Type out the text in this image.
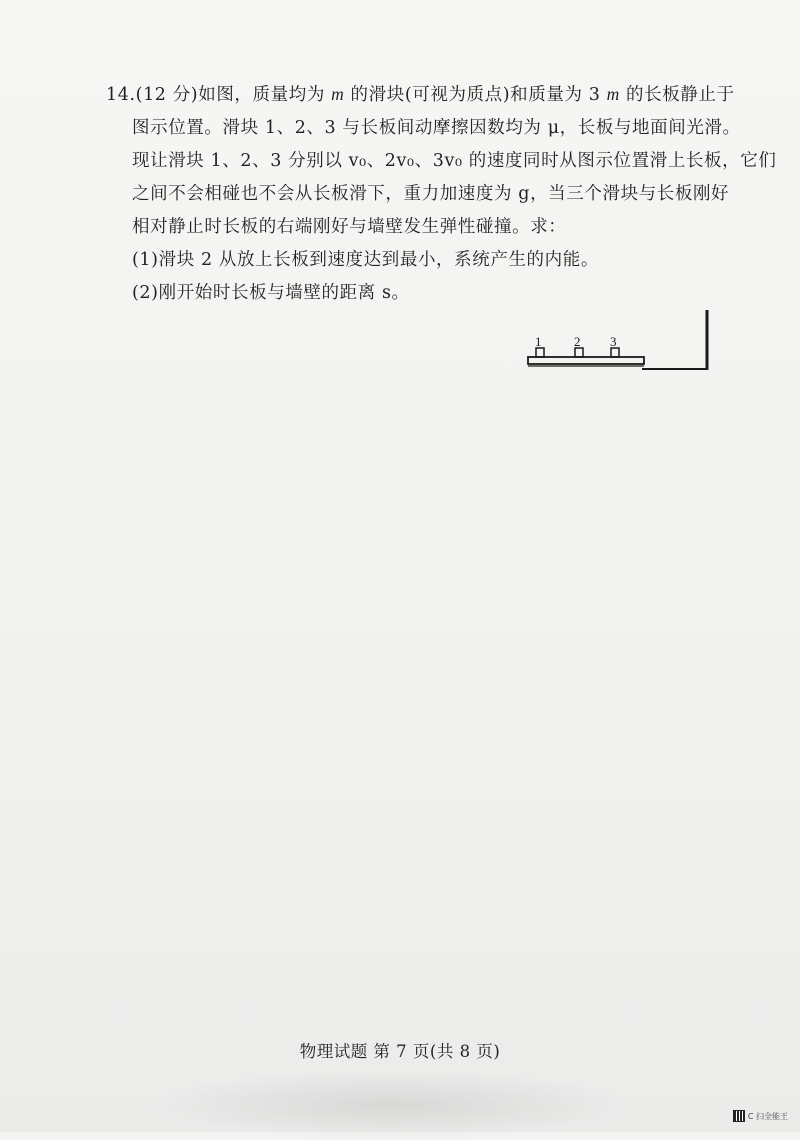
14.(12 分)如图，质量均为 m 的滑块(可视为质点)和质量为 3 m 的长板静止于
图示位置。滑块 1、2、3 与长板间动摩擦因数均为 μ，长板与地面间光滑。
现让滑块 1、2、3 分别以 v₀、2v₀、3v₀ 的速度同时从图示位置滑上长板，它们
之间不会相碰也不会从长板滑下，重力加速度为 g，当三个滑块与长板刚好
相对静止时长板的右端刚好与墙壁发生弹性碰撞。求：
(1)滑块 2 从放上长板到速度达到最小，系统产生的内能。
(2)刚开始时长板与墙壁的距离 s。
1	2 3
物理试题 第 7 页(共 8 页)
C 扫全能王
